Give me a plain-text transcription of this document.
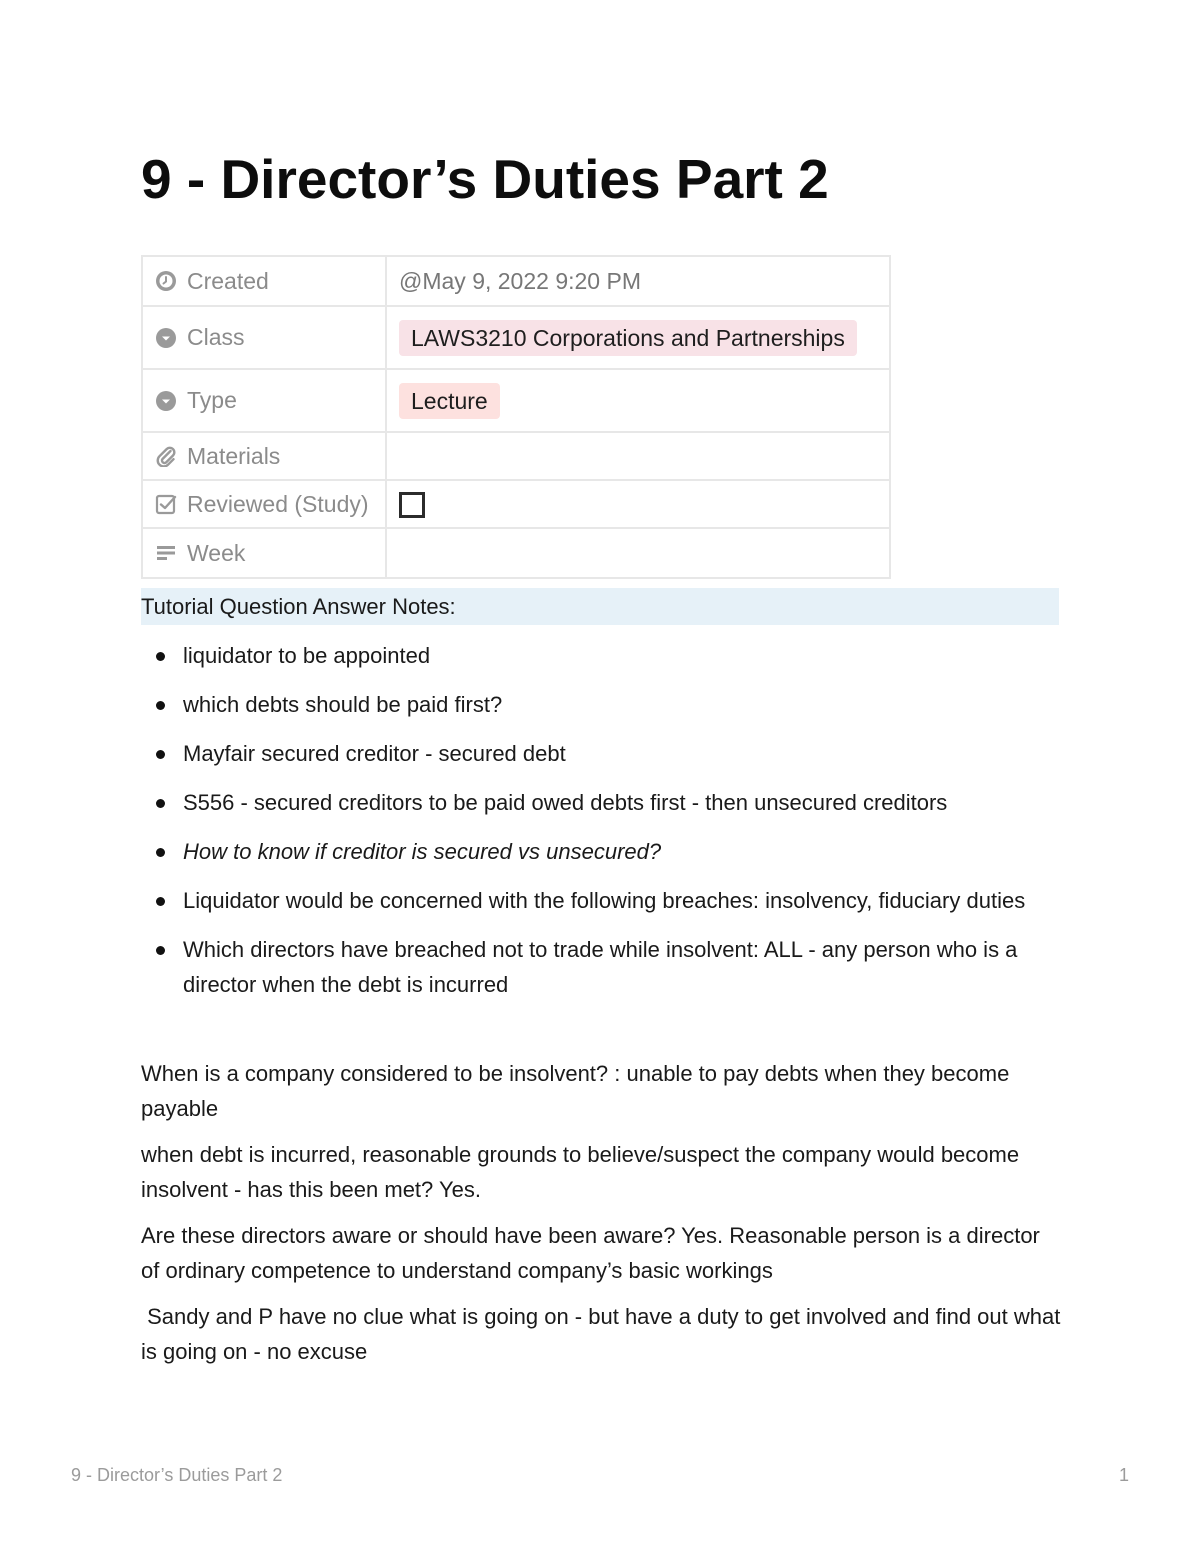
9 - Director’s Duties Part 2
Created	@May 9, 2022 9:20 PM

Class	LAWS3210 Corporations and Partnerships

Type	Lecture

Materials	

Reviewed (Study)	

Week	

Tutorial Question Answer Notes:
liquidator to be appointed
which debts should be paid first?
Mayfair secured creditor - secured debt
S556 - secured creditors to be paid owed debts first - then unsecured creditors
How to know if creditor is secured vs unsecured?
Liquidator would be concerned with the following breaches: insolvency, fiduciary duties
Which directors have breached not to trade while insolvent: ALL - any person who is a director when the debt is incurred

When is a company considered to be insolvent? : unable to pay debts when they become payable

when debt is incurred, reasonable grounds to believe/suspect the company would become insolvent - has this been met? Yes.

Are these directors aware or should have been aware? Yes. Reasonable person is a director of ordinary competence to understand company’s basic workings

Sandy and P have no clue what is going on - but have a duty to get involved and find out what is going on - no excuse

9 - Director’s Duties Part 2	1
